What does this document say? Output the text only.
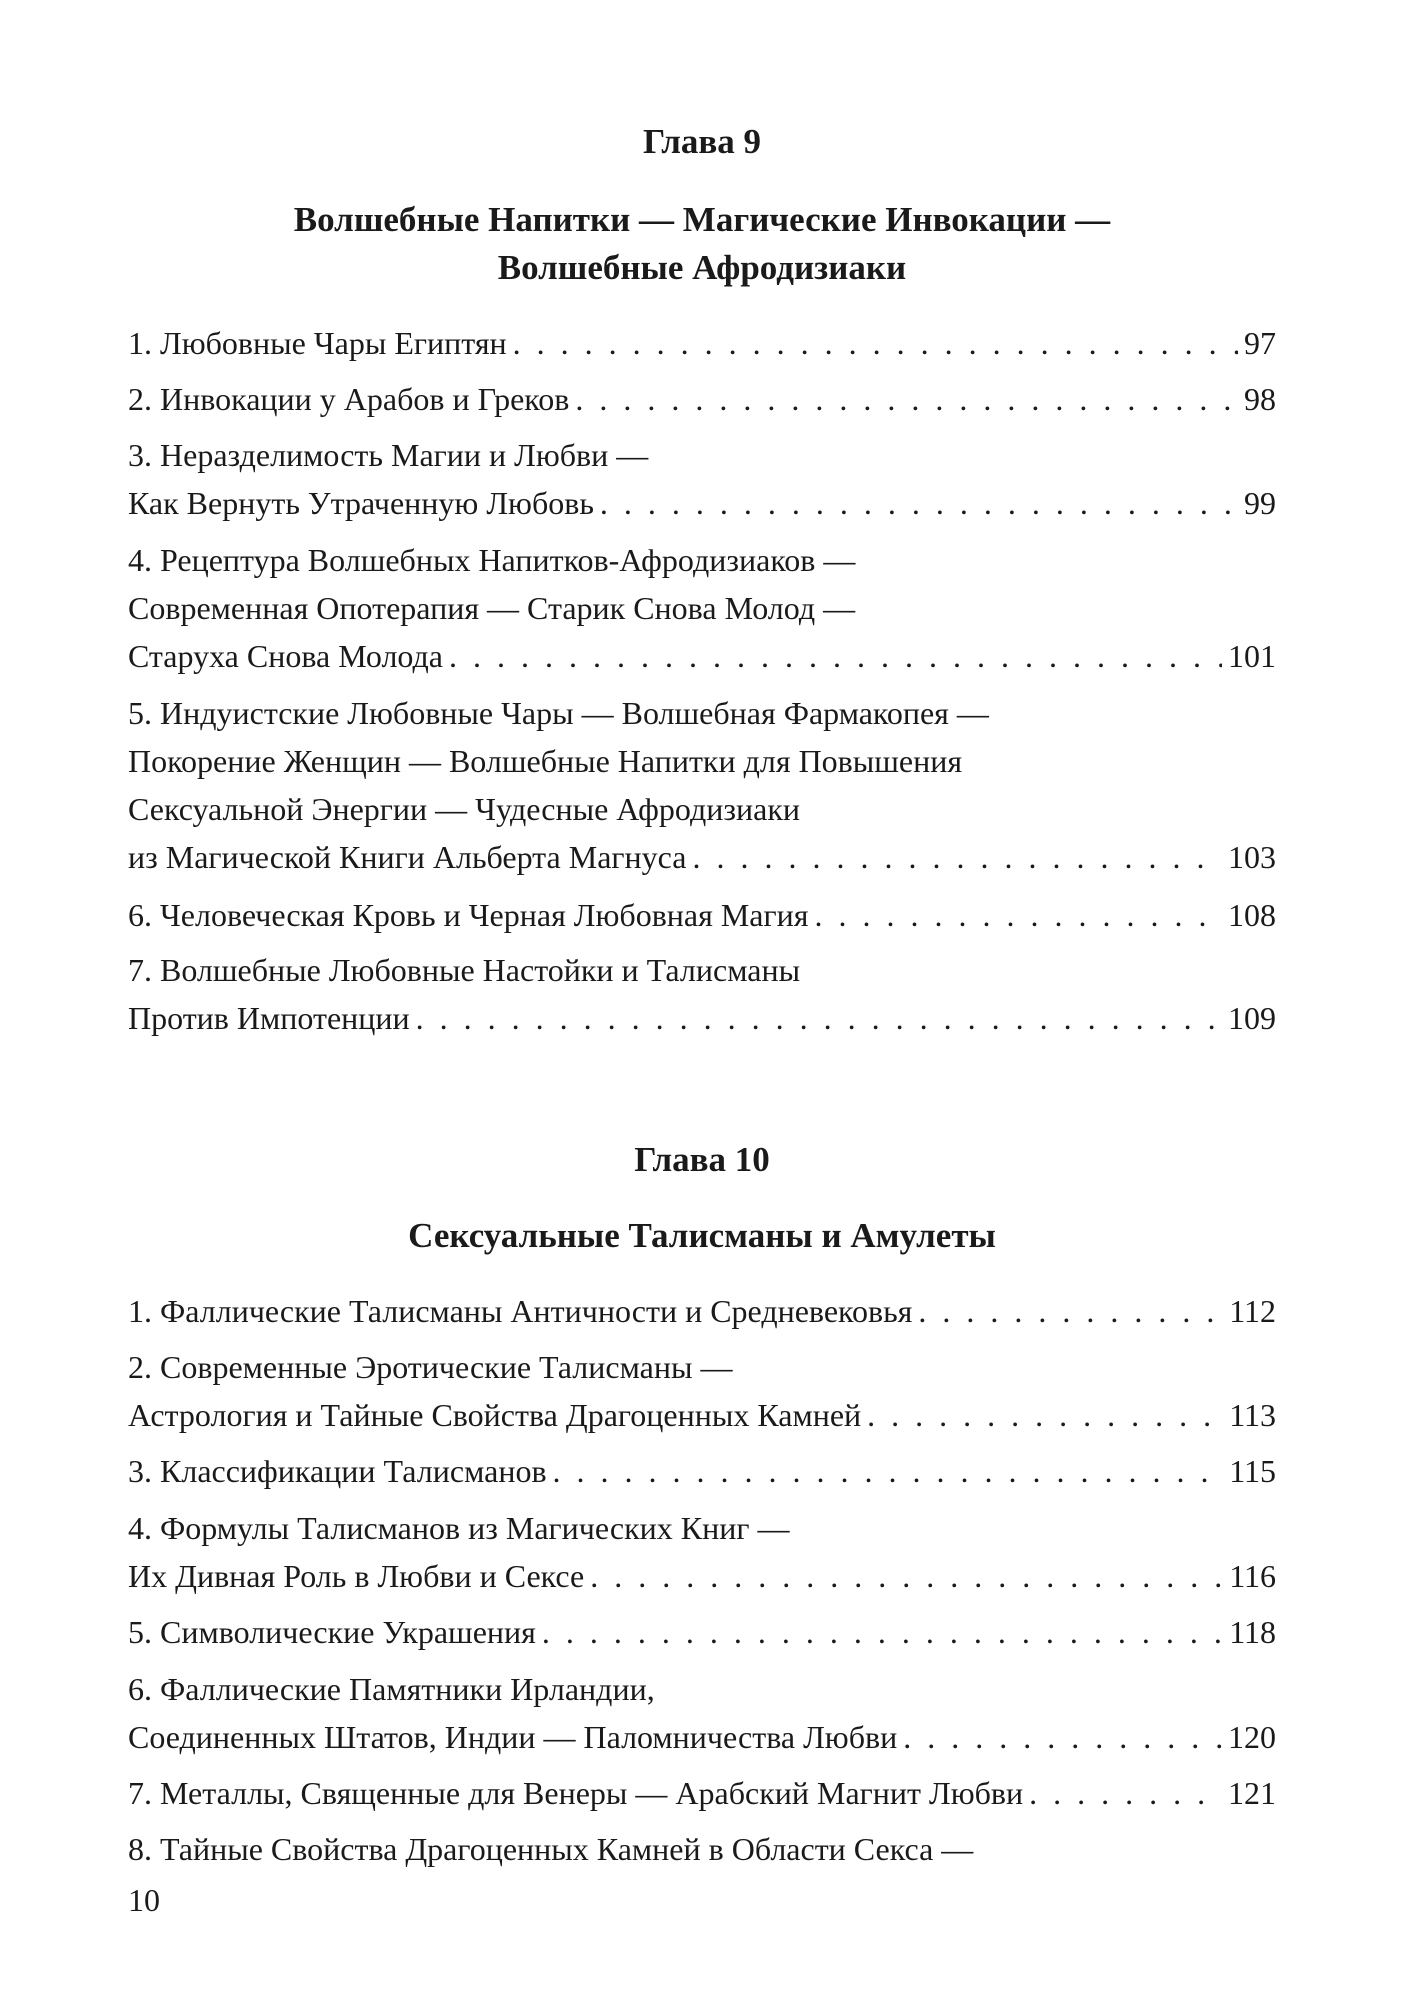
Глава 9
Волшебные Напитки — Магические Инвокации —
Волшебные Афродизиаки
1. Любовные Чары Египтян . . .	97
2. Инвокации у Арабов и Греков . . .	98
3. Неразделимость Магии и Любви —
Как Вернуть Утраченную Любовь . . .	99
4. Рецептура Волшебных Напитков-Афродизиаков —
Современная Опотерапия — Старик Снова Молод —
Старуха Снова Молода . . .	101
5. Индуистские Любовные Чары — Волшебная Фармакопея —
Покорение Женщин — Волшебные Напитки для Повышения
Сексуальной Энергии — Чудесные Афродизиаки
из Магической Книги Альберта Магнуса . . .	103
6. Человеческая Кровь и Черная Любовная Магия . . .	108
7. Волшебные Любовные Настойки и Талисманы
Против Импотенции . . .	109
Глава 10
Сексуальные Талисманы и Амулеты
1. Фаллические Талисманы Античности и Средневековья . . .	112
2. Современные Эротические Талисманы —
Астрология и Тайные Свойства Драгоценных Камней . . .	113
3. Классификации Талисманов . . .	115
4. Формулы Талисманов из Магических Книг —
Их Дивная Роль в Любви и Сексе . . .	116
5. Символические Украшения . . .	118
6. Фаллические Памятники Ирландии,
Соединенных Штатов, Индии — Паломничества Любви . . .	120
7. Металлы, Священные для Венеры — Арабский Магнит Любви . . .	121
8. Тайные Свойства Драгоценных Камней в Области Секса —
10
